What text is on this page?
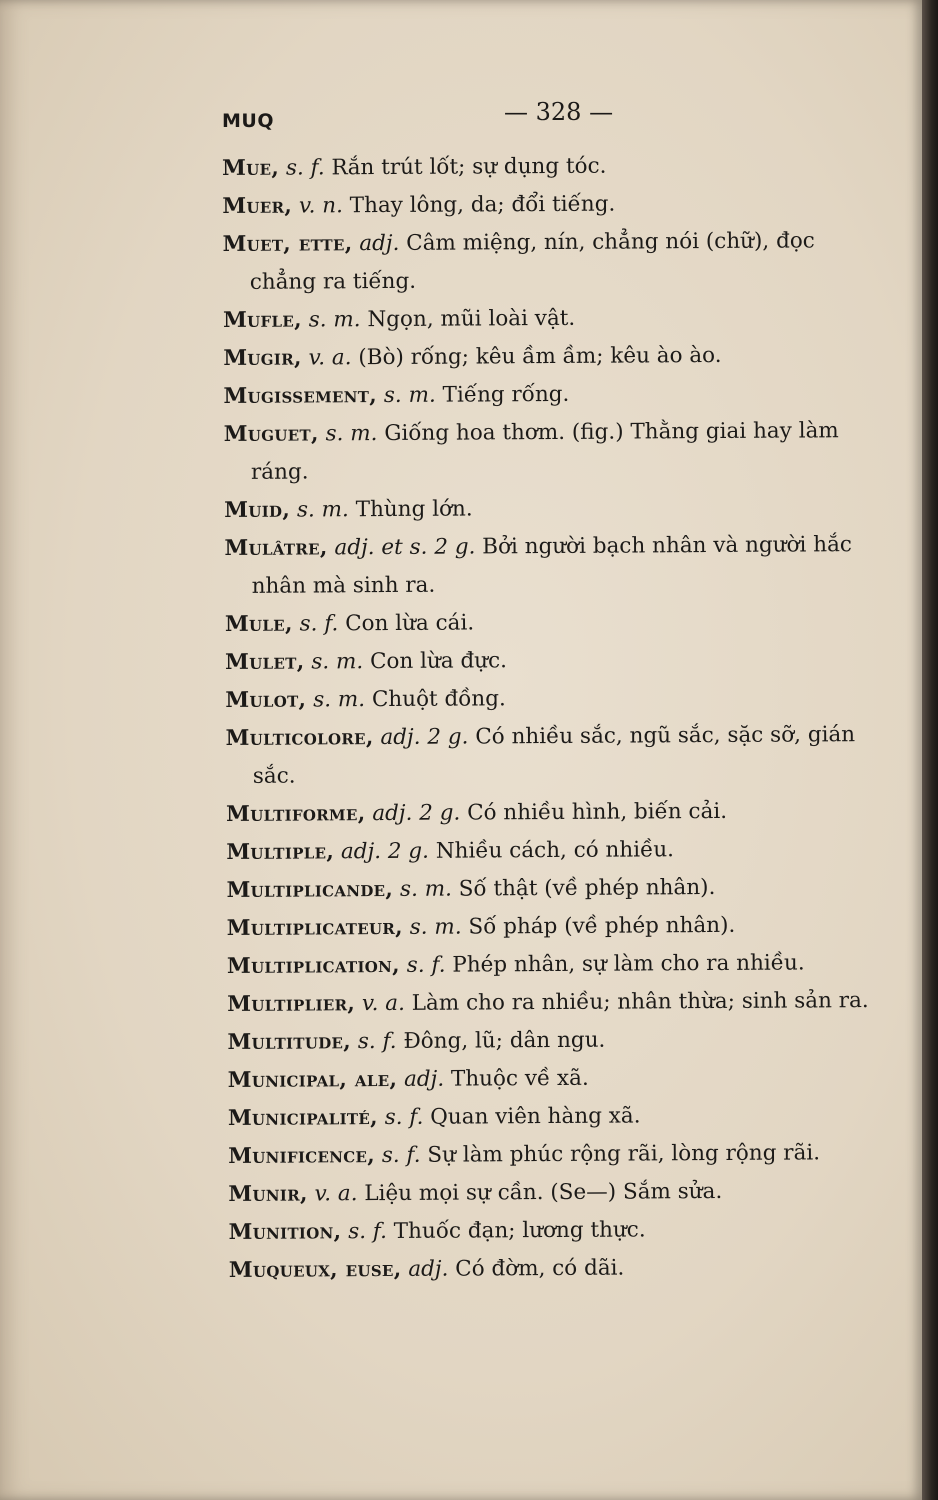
MUQ	— 328 —
Mue, s. f. Rắn trút lốt; sự dụng tóc.
Muer, v. n. Thay lông, da; đổi tiếng.
Muet, ette, adj. Câm miệng, nín, chẳng nói (chữ), đọc
chẳng ra tiếng.
Mufle, s. m. Ngọn, mũi loài vật.
Mugir, v. a. (Bò) rống; kêu ầm ầm; kêu ào ào.
Mugissement, s. m. Tiếng rống.
Muguet, s. m. Giống hoa thơm. (fig.) Thằng giai hay làm
ráng.
Muid, s. m. Thùng lớn.
Mulâtre, adj. et s. 2 g. Bởi người bạch nhân và người hắc
nhân mà sinh ra.
Mule, s. f. Con lừa cái.
Mulet, s. m. Con lừa đực.
Mulot, s. m. Chuột đồng.
Multicolore, adj. 2 g. Có nhiều sắc, ngũ sắc, sặc sỡ, gián
sắc.
Multiforme, adj. 2 g. Có nhiều hình, biến cải.
Multiple, adj. 2 g. Nhiều cách, có nhiều.
Multiplicande, s. m. Số thật (về phép nhân).
Multiplicateur, s. m. Số pháp (về phép nhân).
Multiplication, s. f. Phép nhân, sự làm cho ra nhiều.
Multiplier, v. a. Làm cho ra nhiều; nhân thừa; sinh sản ra.
Multitude, s. f. Đông, lũ; dân ngu.
Municipal, ale, adj. Thuộc về xã.
Municipalité, s. f. Quan viên hàng xã.
Munificence, s. f. Sự làm phúc rộng rãi, lòng rộng rãi.
Munir, v. a. Liệu mọi sự cần. (Se—) Sắm sửa.
Munition, s. f. Thuốc đạn; lương thực.
Muqueux, euse, adj. Có đờm, có dãi.
